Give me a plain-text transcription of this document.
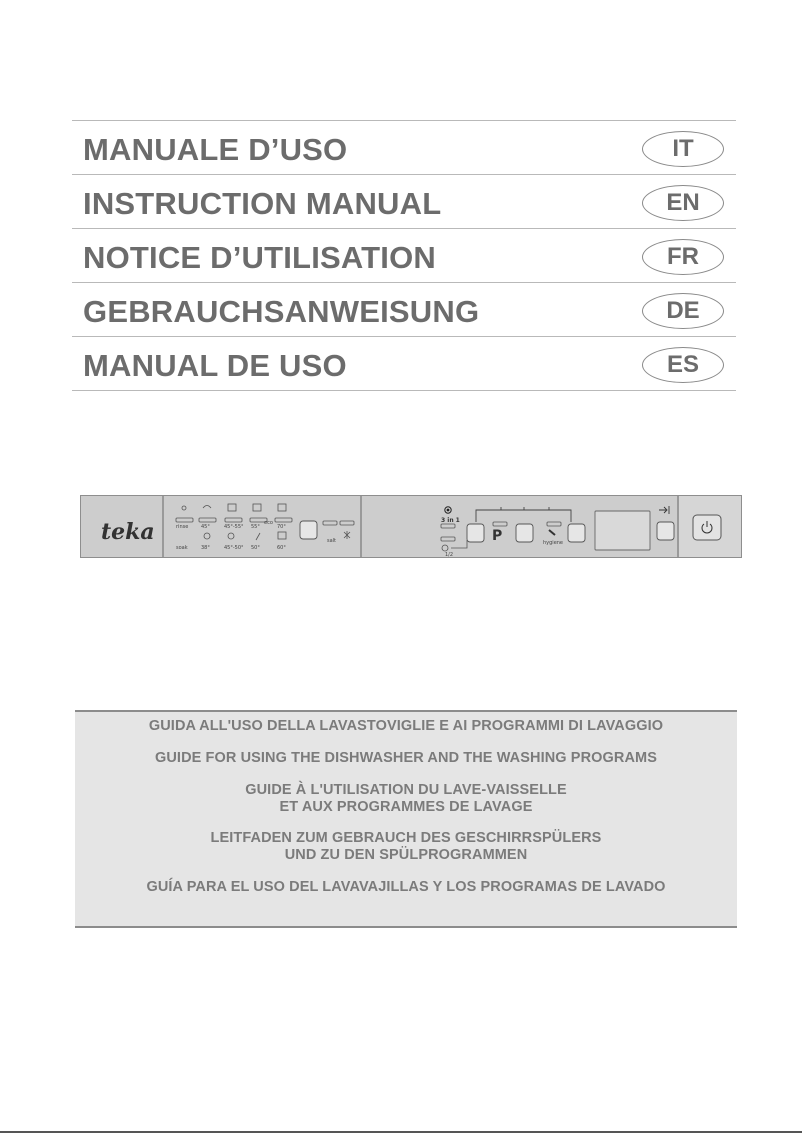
MANUALE D’USO	IT
INSTRUCTION MANUAL	EN
NOTICE D’UTILISATION	FR
GEBRAUCHSANWEISUNG	DE
MANUAL DE USO	ES
teka	rinse	45°	45°-55° 55°	70°
soak	38°	45°-50° 50°	60°
eco
salt
3 in 1
1/2
P	hygiene
GUIDA ALL'USO DELLA LAVASTOVIGLIE E AI PROGRAMMI DI LAVAGGIO
GUIDE FOR USING THE DISHWASHER AND THE WASHING PROGRAMS
GUIDE À L'UTILISATION DU LAVE-VAISSELLE
ET AUX PROGRAMMES DE LAVAGE
LEITFADEN ZUM GEBRAUCH DES GESCHIRRSPÜLERS
UND ZU DEN SPÜLPROGRAMMEN
GUÍA PARA EL USO DEL LAVAVAJILLAS Y LOS PROGRAMAS DE LAVADO
